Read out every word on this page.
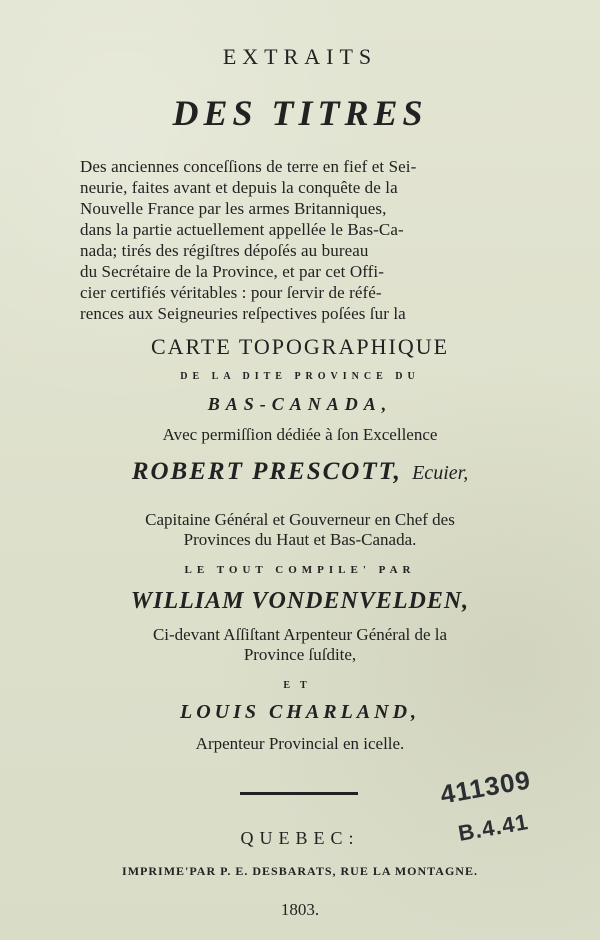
EXTRAITS
DES TITRES
Des anciennes conceſſions de terre en fief et Sei-
neurie, faites avant et depuis la conquête de la
Nouvelle France par les armes Britanniques,
dans la partie actuellement appellée le Bas-Ca-
nada; tirés des régiſtres dépoſés au bureau
du Secrétaire de la Province, et par cet Offi-
cier certifiés véritables : pour ſervir de réfé-
rences aux Seigneuries reſpectives poſées ſur la
CARTE TOPOGRAPHIQUE
DE LA DITE PROVINCE DU
BAS-CANADA,
Avec permiſſion dédiée à ſon Excellence
ROBERT PRESCOTT, Ecuier,
Capitaine Général et Gouverneur en Chef des
Provinces du Haut et Bas-Canada.
LE TOUT COMPILE' PAR
WILLIAM VONDENVELDEN,
Ci-devant Aſſiſtant Arpenteur Général de la
Province ſuſdite,
ET
LOUIS CHARLAND,
Arpenteur Provincial en icelle.
QUEBEC:
IMPRIME'PAR P. E. DESBARATS, RUE LA MONTAGNE.
1803.
411309
B.4.41
